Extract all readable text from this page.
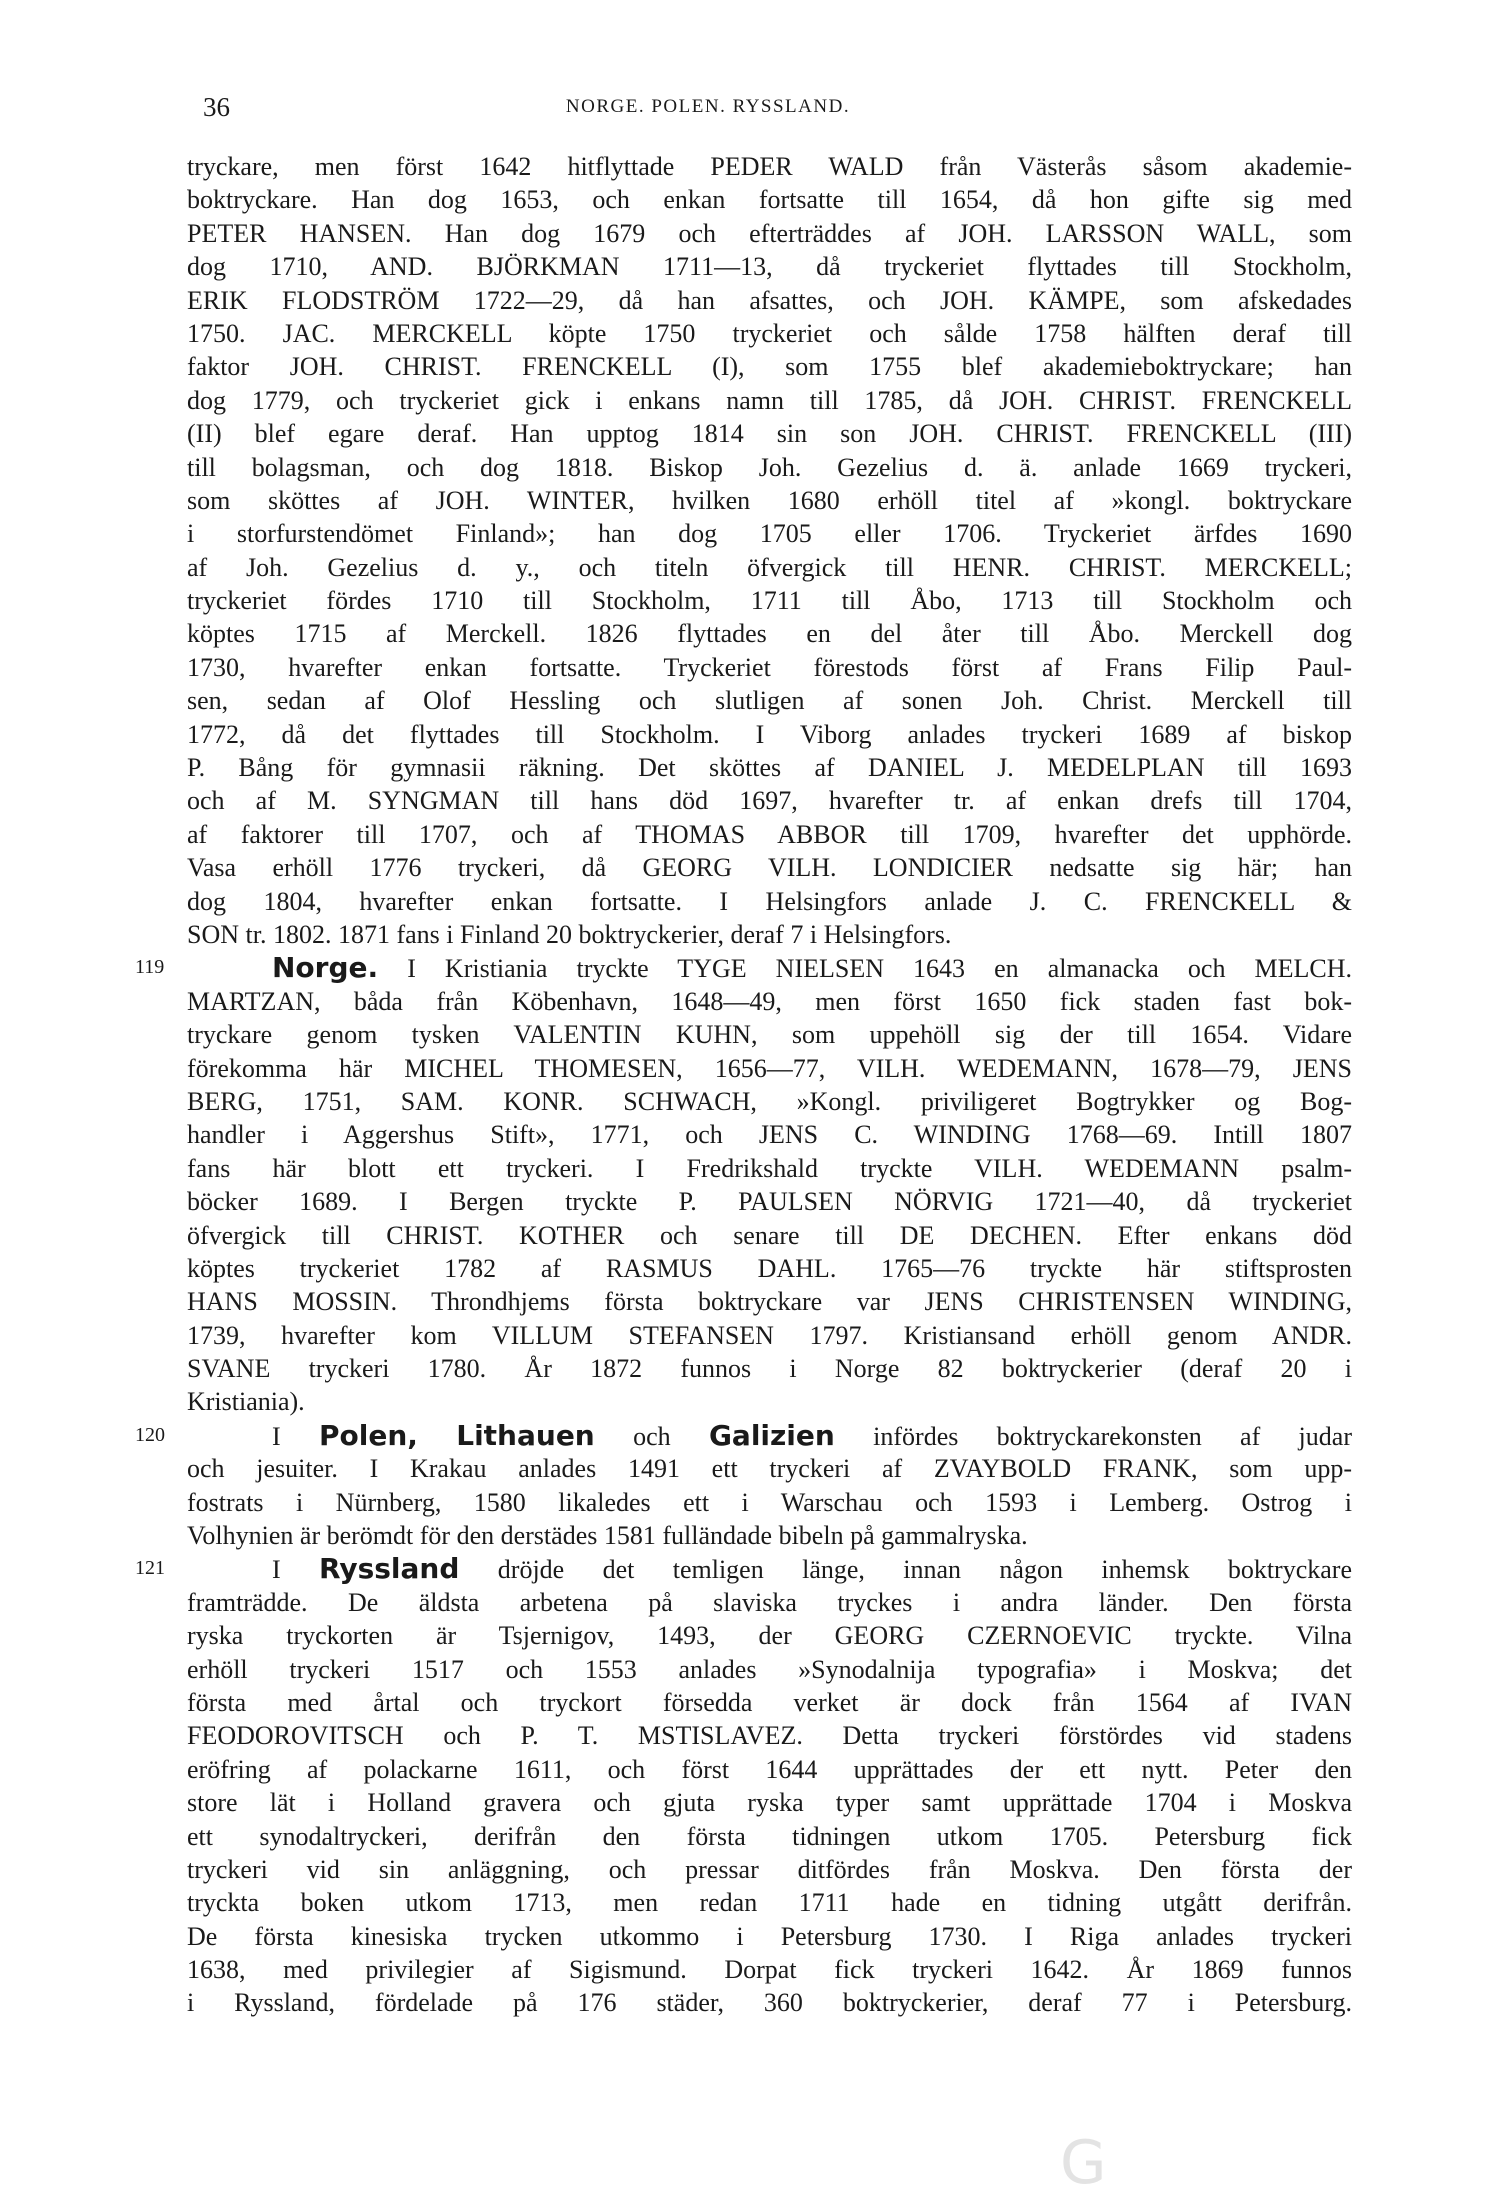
36	NORGE. POLEN. RYSSLAND.
tryckare, men först 1642 hitflyttade PEDER WALD från Västerås såsom akademie-
boktryckare. Han dog 1653, och enkan fortsatte till 1654, då hon gifte sig med
PETER HANSEN. Han dog 1679 och efterträddes af JOH. LARSSON WALL, som
dog 1710, AND. BJÖRKMAN 1711—13, då tryckeriet flyttades till Stockholm,
ERIK FLODSTRÖM 1722—29, då han afsattes, och JOH. KÄMPE, som afskedades
1750. JAC. MERCKELL köpte 1750 tryckeriet och sålde 1758 hälften deraf till
faktor JOH. CHRIST. FRENCKELL (I), som 1755 blef akademieboktryckare; han
dog 1779, och tryckeriet gick i enkans namn till 1785, då JOH. CHRIST. FRENCKELL
(II) blef egare deraf. Han upptog 1814 sin son JOH. CHRIST. FRENCKELL (III)
till bolagsman, och dog 1818. Biskop Joh. Gezelius d. ä. anlade 1669 tryckeri,
som sköttes af JOH. WINTER, hvilken 1680 erhöll titel af »kongl. boktryckare
i storfurstendömet Finland»; han dog 1705 eller 1706. Tryckeriet ärfdes 1690
af Joh. Gezelius d. y., och titeln öfvergick till HENR. CHRIST. MERCKELL;
tryckeriet fördes 1710 till Stockholm, 1711 till Åbo, 1713 till Stockholm och
köptes 1715 af Merckell. 1826 flyttades en del åter till Åbo. Merckell dog
1730, hvarefter enkan fortsatte. Tryckeriet förestods först af Frans Filip Paul-
sen, sedan af Olof Hessling och slutligen af sonen Joh. Christ. Merckell till
1772, då det flyttades till Stockholm. I Viborg anlades tryckeri 1689 af biskop
P. Bång för gymnasii räkning. Det sköttes af DANIEL J. MEDELPLAN till 1693
och af M. SYNGMAN till hans död 1697, hvarefter tr. af enkan drefs till 1704,
af faktorer till 1707, och af THOMAS ABBOR till 1709, hvarefter det upphörde.
Vasa erhöll 1776 tryckeri, då GEORG VILH. LONDICIER nedsatte sig här; han
dog 1804, hvarefter enkan fortsatte. I Helsingfors anlade J. C. FRENCKELL &
SON tr. 1802. 1871 fans i Finland 20 boktryckerier, deraf 7 i Helsingfors.
119	Norge. I Kristiania tryckte TYGE NIELSEN 1643 en almanacka och MELCH.
MARTZAN, båda från Köbenhavn, 1648—49, men först 1650 fick staden fast bok-
tryckare genom tysken VALENTIN KUHN, som uppehöll sig der till 1654. Vidare
förekomma här MICHEL THOMESEN, 1656—77, VILH. WEDEMANN, 1678—79, JENS
BERG, 1751, SAM. KONR. SCHWACH, »Kongl. priviligeret Bogtrykker og Bog-
handler i Aggershus Stift», 1771, och JENS C. WINDING 1768—69. Intill 1807
fans här blott ett tryckeri. I Fredrikshald tryckte VILH. WEDEMANN psalm-
böcker 1689. I Bergen tryckte P. PAULSEN NÖRVIG 1721—40, då tryckeriet
öfvergick till CHRIST. KOTHER och senare till DE DECHEN. Efter enkans död
köptes tryckeriet 1782 af RASMUS DAHL. 1765—76 tryckte här stiftsprosten
HANS MOSSIN. Throndhjems första boktryckare var JENS CHRISTENSEN WINDING,
1739, hvarefter kom VILLUM STEFANSEN 1797. Kristiansand erhöll genom ANDR.
SVANE tryckeri 1780. År 1872 funnos i Norge 82 boktryckerier (deraf 20 i
Kristiania).
120	I Polen, Lithauen och Galizien infördes boktryckarekonsten af judar
och jesuiter. I Krakau anlades 1491 ett tryckeri af ZVAYBOLD FRANK, som upp-
fostrats i Nürnberg, 1580 likaledes ett i Warschau och 1593 i Lemberg. Ostrog i
Volhynien är berömdt för den derstädes 1581 fulländade bibeln på gammalryska.
121	I Ryssland dröjde det temligen länge, innan någon inhemsk boktryckare
framträdde. De äldsta arbetena på slaviska tryckes i andra länder. Den första
ryska tryckorten är Tsjernigov, 1493, der GEORG CZERNOEVIC tryckte. Vilna
erhöll tryckeri 1517 och 1553 anlades »Synodalnija typografia» i Moskva; det
första med årtal och tryckort försedda verket är dock från 1564 af IVAN
FEODOROVITSCH och P. T. MSTISLAVEZ. Detta tryckeri förstördes vid stadens
eröfring af polackarne 1611, och först 1644 upprättades der ett nytt. Peter den
store lät i Holland gravera och gjuta ryska typer samt upprättade 1704 i Moskva
ett synodaltryckeri, derifrån den första tidningen utkom 1705. Petersburg fick
tryckeri vid sin anläggning, och pressar ditfördes från Moskva. Den första der
tryckta boken utkom 1713, men redan 1711 hade en tidning utgått derifrån.
De första kinesiska trycken utkommo i Petersburg 1730. I Riga anlades tryckeri
1638, med privilegier af Sigismund. Dorpat fick tryckeri 1642. År 1869 funnos
i Ryssland, fördelade på 176 städer, 360 boktryckerier, deraf 77 i Petersburg.
G
